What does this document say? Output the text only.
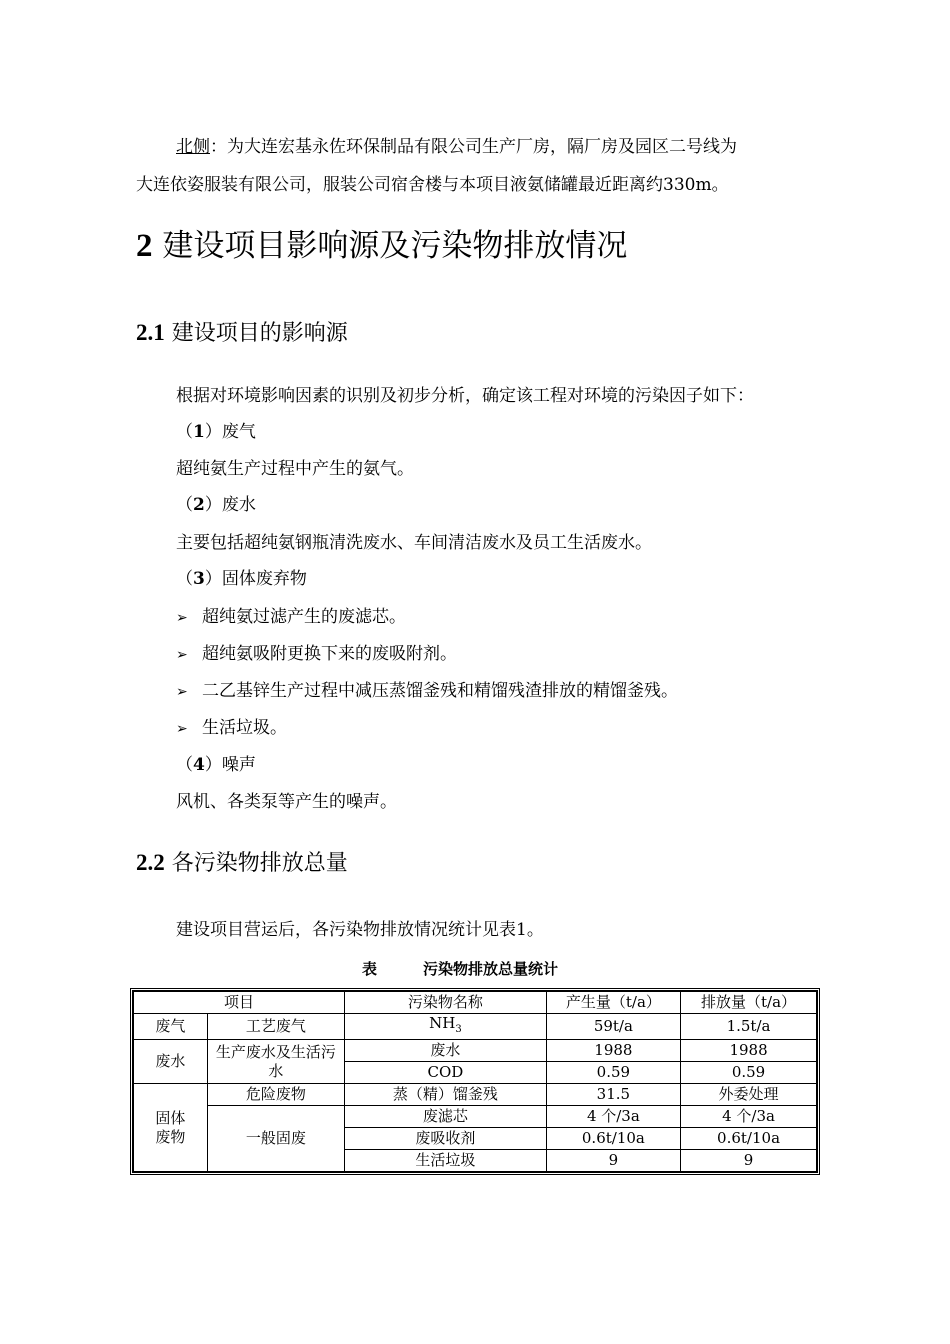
北侧：为大连宏基永佐环保制品有限公司生产厂房，隔厂房及园区二号线为
大连依姿服装有限公司，服装公司宿舍楼与本项目液氨储罐最近距离约330m。
2 建设项目影响源及污染物排放情况
2.1 建设项目的影响源
根据对环境影响因素的识别及初步分析，确定该工程对环境的污染因子如下：
（1）废气
超纯氨生产过程中产生的氨气。
（2）废水
主要包括超纯氨钢瓶清洗废水、车间清洁废水及员工生活废水。
（3）固体废弃物
➢ 超纯氨过滤产生的废滤芯。
➢ 超纯氨吸附更换下来的废吸附剂。
➢ 二乙基锌生产过程中减压蒸馏釜残和精馏残渣排放的精馏釜残。
➢ 生活垃圾。
（4）噪声
风机、各类泵等产生的噪声。
2.2 各污染物排放总量
建设项目营运后，各污染物排放情况统计见表1。
表	污染物排放总量统计
项目		污染物名称	产生量（t/a）	排放量（t/a）
废气	工艺废气	$NH_3$	59t/a	1.5t/a
废水	生产废水及生活污水	废水	1988	1988
		COD	0.59	0.59
固体废物	危险废物	蒸（精）馏釜残	31.5	外委处理
	一般固废	废滤芯	4 个/3a	4 个/3a
		废吸收剂	0.6t/10a	0.6t/10a
		生活垃圾	9	9
